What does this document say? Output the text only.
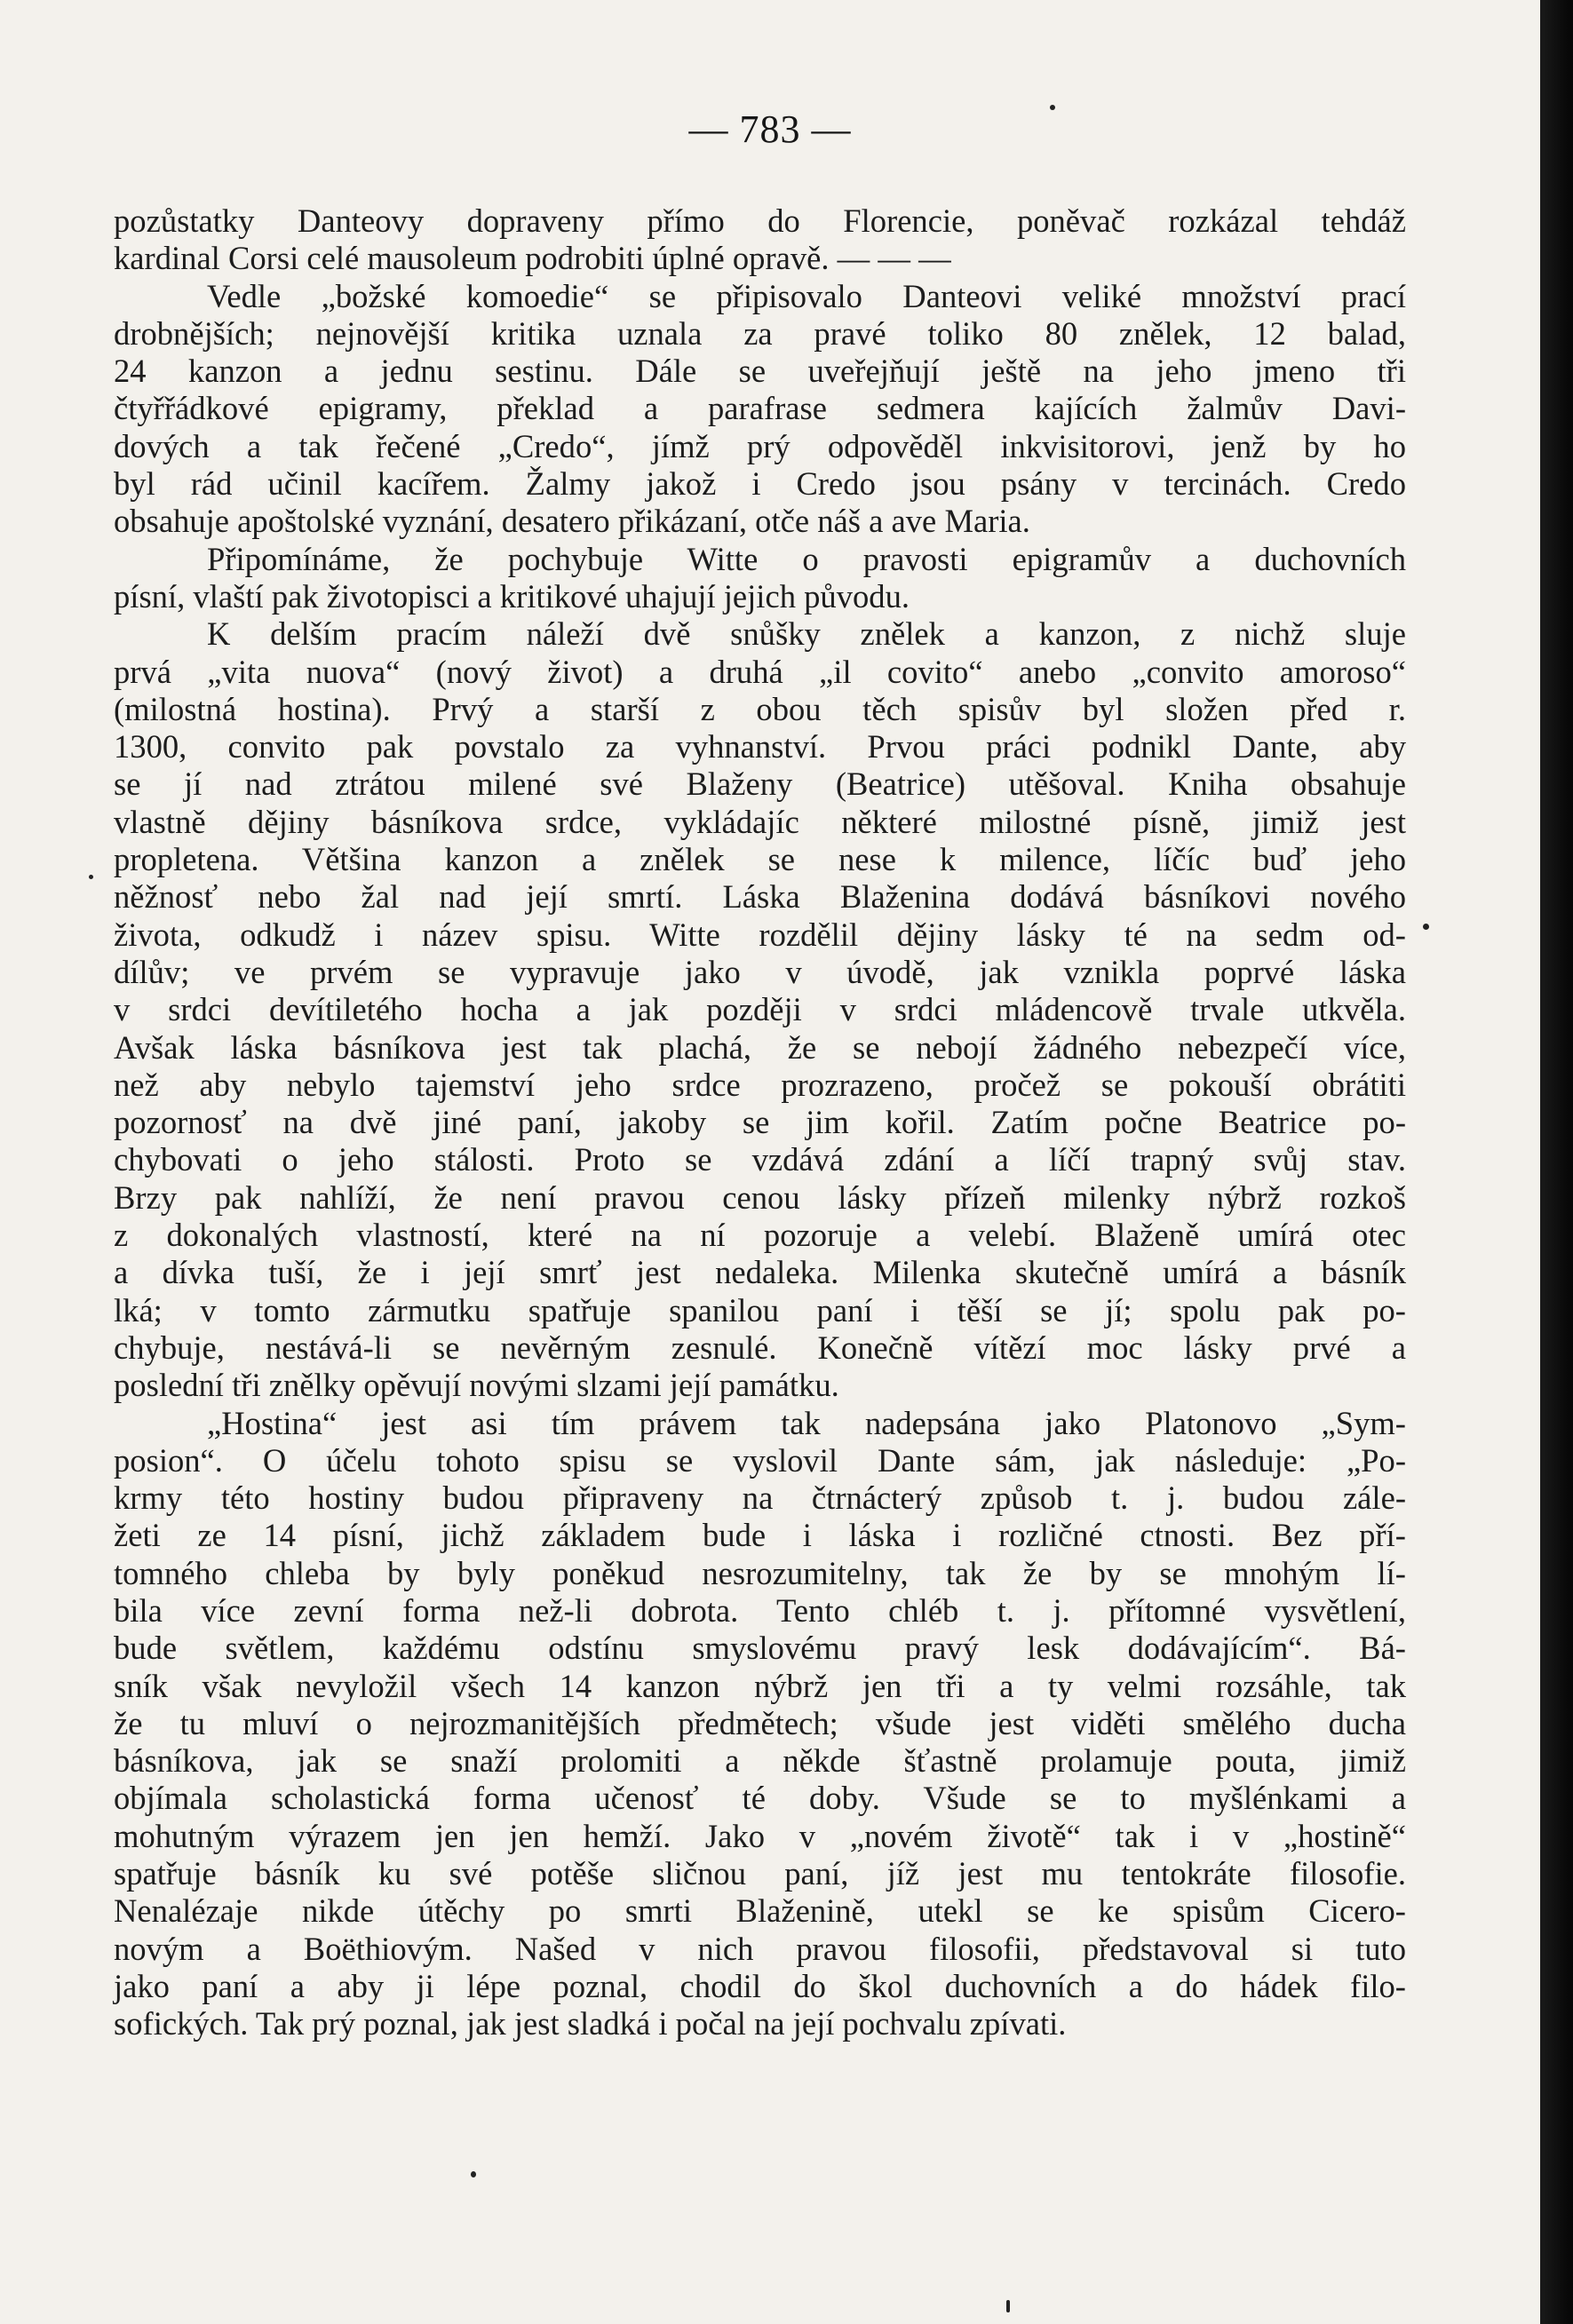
— 783 —
pozůstatky Danteovy dopraveny přímo do Florencie, poněvač rozkázal tehdáž
kardinal Corsi celé mausoleum podrobiti úplné opravě. — — —
Vedle „božské komoedie“ se připisovalo Danteovi veliké množství prací
drobnějších; nejnovější kritika uznala za pravé toliko 80 znělek, 12 balad,
24 kanzon a jednu sestinu. Dále se uveřejňují ještě na jeho jmeno tři
čtyřřádkové epigramy, překlad a parafrase sedmera kajících žalmův Davi-
dových a tak řečené „Credo“, jímž prý odpověděl inkvisitorovi, jenž by ho
byl rád učinil kacířem. Žalmy jakož i Credo jsou psány v tercinách. Credo
obsahuje apoštolské vyznání, desatero přikázaní, otče náš a ave Maria.
Připomínáme, že pochybuje Witte o pravosti epigramův a duchovních
písní, vlaští pak životopisci a kritikové uhajují jejich původu.
K delším pracím náleží dvě snůšky znělek a kanzon, z nichž sluje
prvá „vita nuova“ (nový život) a druhá „il covito“ anebo „convito amoroso“
(milostná hostina). Prvý a starší z obou těch spisův byl složen před r.
1300, convito pak povstalo za vyhnanství. Prvou práci podnikl Dante, aby
se jí nad ztrátou milené své Blaženy (Beatrice) utěšoval. Kniha obsahuje
vlastně dějiny básníkova srdce, vykládajíc některé milostné písně, jimiž jest
propletena. Většina kanzon a znělek se nese k milence, líčíc buď jeho
něžnosť nebo žal nad její smrtí. Láska Blaženina dodává básníkovi nového
života, odkudž i název spisu. Witte rozdělil dějiny lásky té na sedm od-
dílův; ve prvém se vypravuje jako v úvodě, jak vznikla poprvé láska
v srdci devítiletého hocha a jak později v srdci mládencově trvale utkvěla.
Avšak láska básníkova jest tak plachá, že se nebojí žádného nebezpečí více,
než aby nebylo tajemství jeho srdce prozrazeno, pročež se pokouší obrátiti
pozornosť na dvě jiné paní, jakoby se jim kořil. Zatím počne Beatrice po-
chybovati o jeho stálosti. Proto se vzdává zdání a líčí trapný svůj stav.
Brzy pak nahlíží, že není pravou cenou lásky přízeň milenky nýbrž rozkoš
z dokonalých vlastností, které na ní pozoruje a velebí. Blaženě umírá otec
a dívka tuší, že i její smrť jest nedaleka. Milenka skutečně umírá a básník
lká; v tomto zármutku spatřuje spanilou paní i těší se jí; spolu pak po-
chybuje, nestává-li se nevěrným zesnulé. Konečně vítězí moc lásky prvé a
poslední tři znělky opěvují novými slzami její památku.
„Hostina“ jest asi tím právem tak nadepsána jako Platonovo „Sym-
posion“. O účelu tohoto spisu se vyslovil Dante sám, jak následuje: „Po-
krmy této hostiny budou připraveny na čtrnácterý způsob t. j. budou zále-
žeti ze 14 písní, jichž základem bude i láska i rozličné ctnosti. Bez pří-
tomného chleba by byly poněkud nesrozumitelny, tak že by se mnohým lí-
bila více zevní forma než-li dobrota. Tento chléb t. j. přítomné vysvětlení,
bude světlem, každému odstínu smyslovému pravý lesk dodávajícím“. Bá-
sník však nevyložil všech 14 kanzon nýbrž jen tři a ty velmi rozsáhle, tak
že tu mluví o nejrozmanitějších předmětech; všude jest viděti smělého ducha
básníkova, jak se snaží prolomiti a někde šťastně prolamuje pouta, jimiž
objímala scholastická forma učenosť té doby. Všude se to myšlénkami a
mohutným výrazem jen jen hemží. Jako v „novém životě“ tak i v „hostině“
spatřuje básník ku své potěše sličnou paní, jíž jest mu tentokráte filosofie.
Nenalézaje nikde útěchy po smrti Blaženině, utekl se ke spisům Cicero-
novým a Boëthiovým. Našed v nich pravou filosofii, představoval si tuto
jako paní a aby ji lépe poznal, chodil do škol duchovních a do hádek filo-
sofických. Tak prý poznal, jak jest sladká i počal na její pochvalu zpívati.
